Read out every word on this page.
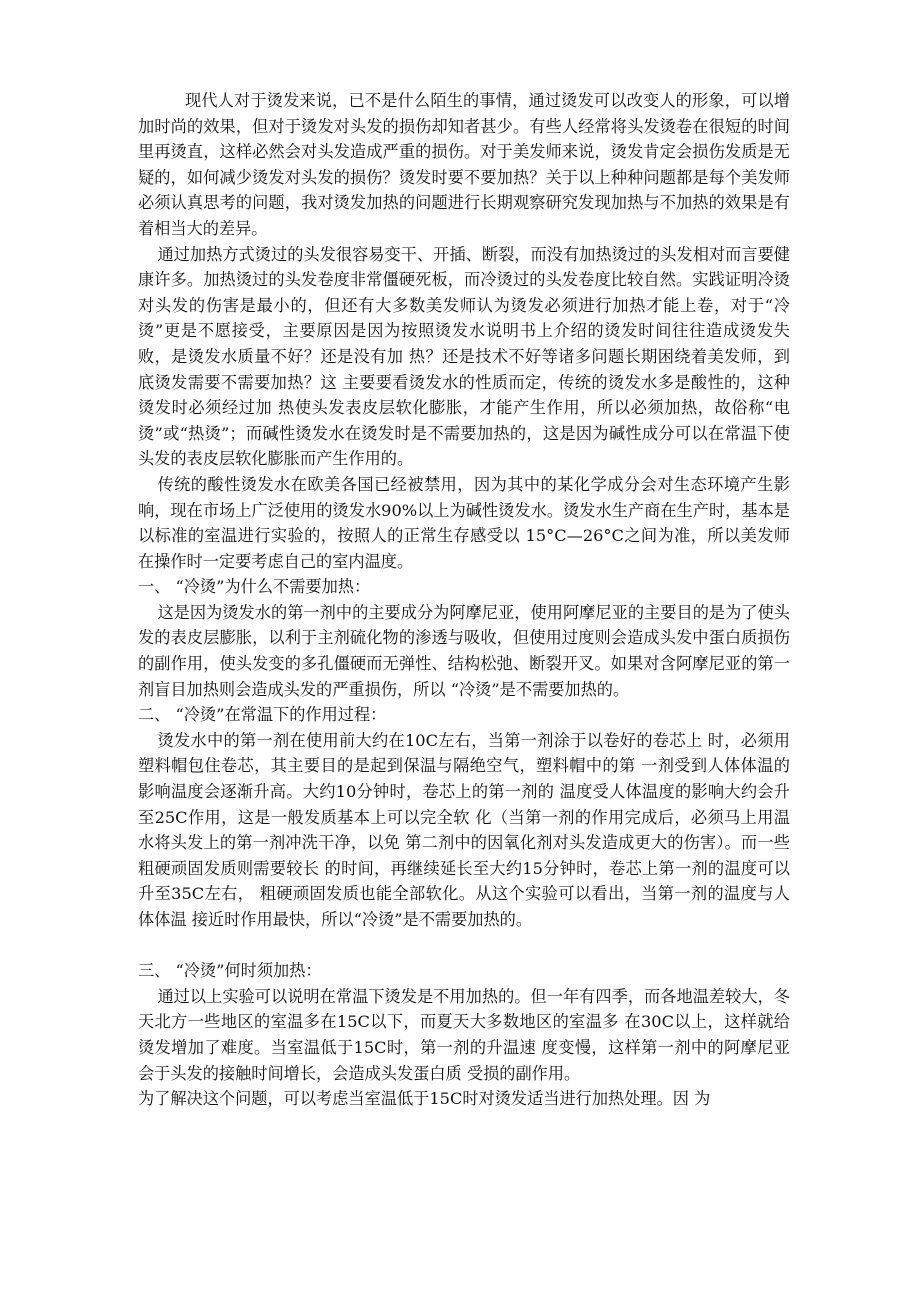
现代人对于烫发来说，已不是什么陌生的事情，通过烫发可以改变人的形象，可以增加时尚的效果，但对于烫发对头发的损伤却知者甚少。有些人经常将头发烫卷在很短的时间里再烫直，这样必然会对头发造成严重的损伤。对于美发师来说，烫发肯定会损伤发质是无疑的，如何减少烫发对头发的损伤？烫发时要不要加热？关于以上种种问题都是每个美发师必须认真思考的问题，我对烫发加热的问题进行长期观察研究发现加热与不加热的效果是有着相当大的差异。

通过加热方式烫过的头发很容易变干、开插、断裂，而没有加热烫过的头发相对而言要健康许多。加热烫过的头发卷度非常僵硬死板，而冷烫过的头发卷度比较自然。实践证明冷烫对头发的伤害是最小的，但还有大多数美发师认为烫发必须进行加热才能上卷，对于“冷烫”更是不愿接受，主要原因是因为按照烫发水说明书上介绍的烫发时间往往造成烫发失败，是烫发水质量不好？还是没有加 热？还是技术不好等诸多问题长期困绕着美发师，到底烫发需要不需要加热？这 主要要看烫发水的性质而定，传统的烫发水多是酸性的，这种烫发时必须经过加 热使头发表皮层软化膨胀，才能产生作用，所以必须加热，故俗称“电烫”或“热烫”；而碱性烫发水在烫发时是不需要加热的，这是因为碱性成分可以在常温下使头发的表皮层软化膨胀而产生作用的。

传统的酸性烫发水在欧美各国已经被禁用，因为其中的某化学成分会对生态环境产生影响，现在市场上广泛使用的烫发水90%以上为碱性烫发水。烫发水生产商在生产时，基本是以标准的室温进行实验的，按照人的正常生存感受以 15°C—26°C之间为准，所以美发师在操作时一定要考虑自己的室内温度。

一、 “冷烫”为什么不需要加热：

这是因为烫发水的第一剂中的主要成分为阿摩尼亚，使用阿摩尼亚的主要目的是为了使头发的表皮层膨胀，以利于主剂硫化物的渗透与吸收，但使用过度则会造成头发中蛋白质损伤的副作用，使头发变的多孔僵硬而无弹性、结构松弛、断裂开叉。如果对含阿摩尼亚的第一剂盲目加热则会造成头发的严重损伤，所以 “冷烫”是不需要加热的。

二、 “冷烫”在常温下的作用过程：

烫发水中的第一剂在使用前大约在10C左右，当第一剂涂于以卷好的卷芯上 时，必须用塑料帽包住卷芯，其主要目的是起到保温与隔绝空气，塑料帽中的第 一剂受到人体体温的影响温度会逐渐升高。大约10分钟时，卷芯上的第一剂的 温度受人体温度的影响大约会升至25C作用，这是一般发质基本上可以完全软 化（当第一剂的作用完成后，必须马上用温水将头发上的第一剂冲洗干净，以免 第二剂中的因氧化剂对头发造成更大的伤害）。而一些粗硬顽固发质则需要较长 的时间，再继续延长至大约15分钟时，卷芯上第一剂的温度可以升至35C左右， 粗硬顽固发质也能全部软化。从这个实验可以看出，当第一剂的温度与人体体温 接近时作用最快，所以“冷烫”是不需要加热的。

三、 “冷烫”何时须加热：

通过以上实验可以说明在常温下烫发是不用加热的。但一年有四季，而各地温差较大，冬天北方一些地区的室温多在15C以下，而夏天大多数地区的室温多 在30C以上，这样就给烫发增加了难度。当室温低于15C时，第一剂的升温速 度变慢，这样第一剂中的阿摩尼亚会于头发的接触时间增长，会造成头发蛋白质 受损的副作用。

为了解决这个问题，可以考虑当室温低于15C时对烫发适当进行加热处理。因 为
